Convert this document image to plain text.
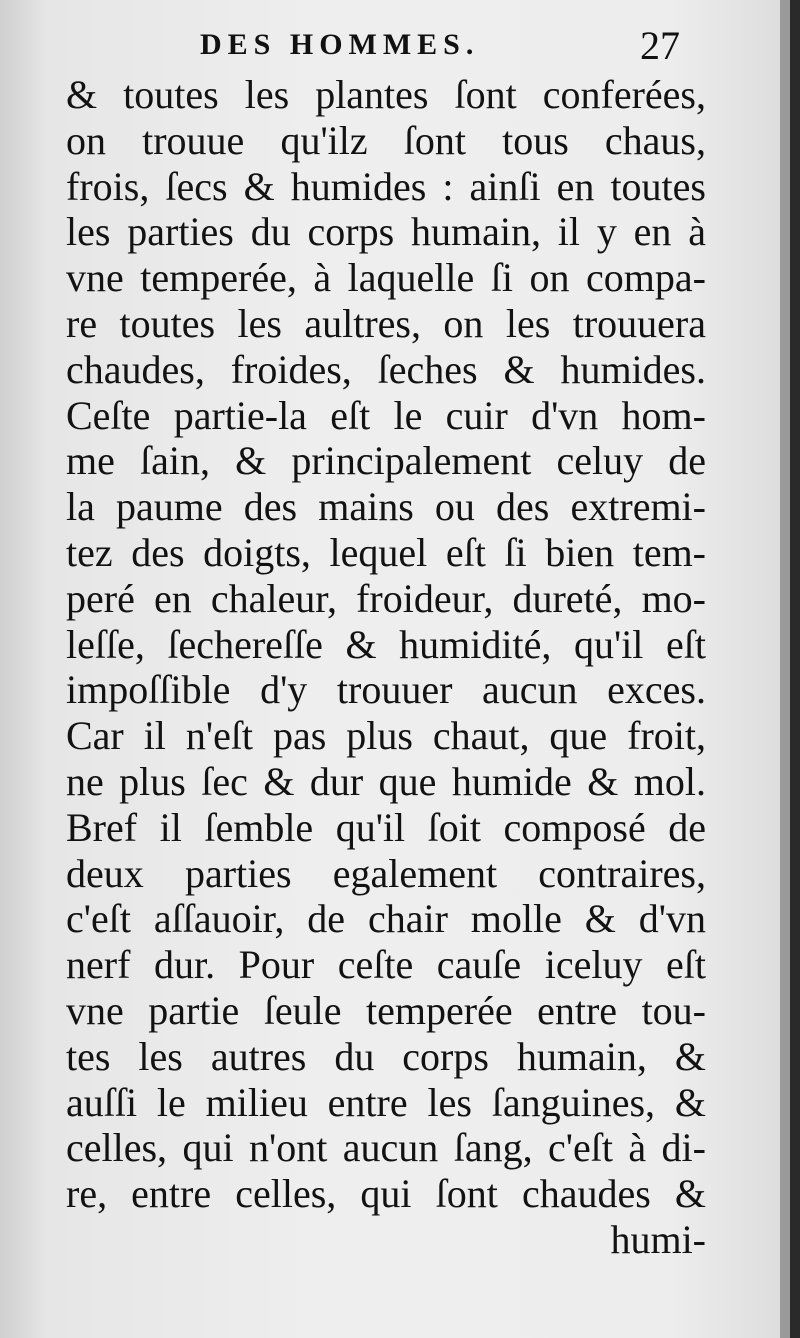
DES HOMMES.	27
& toutes les plantes ſont conferées,
on trouue qu'ilz ſont tous chaus,
frois, ſecs & humides : ainſi en toutes
les parties du corps humain, il y en à
vne temperée, à laquelle ſi on compa-
re toutes les aultres, on les trouuera
chaudes, froides, ſeches & humides.
Ceſte partie-la eſt le cuir d'vn hom-
me ſain, & principalement celuy de
la paume des mains ou des extremi-
tez des doigts, lequel eſt ſi bien tem-
peré en chaleur, froideur, dureté, mo-
leſſe, ſechereſſe & humidité, qu'il eſt
impoſſible d'y trouuer aucun exces.
Car il n'eſt pas plus chaut, que froit,
ne plus ſec & dur que humide & mol.
Bref il ſemble qu'il ſoit composé de
deux parties egalement contraires,
c'eſt aſſauoir, de chair molle & d'vn
nerf dur. Pour ceſte cauſe iceluy eſt
vne partie ſeule temperée entre tou-
tes les autres du corps humain, &
auſſi le milieu entre les ſanguines, &
celles, qui n'ont aucun ſang, c'eſt à di-
re, entre celles, qui ſont chaudes &
humi-
